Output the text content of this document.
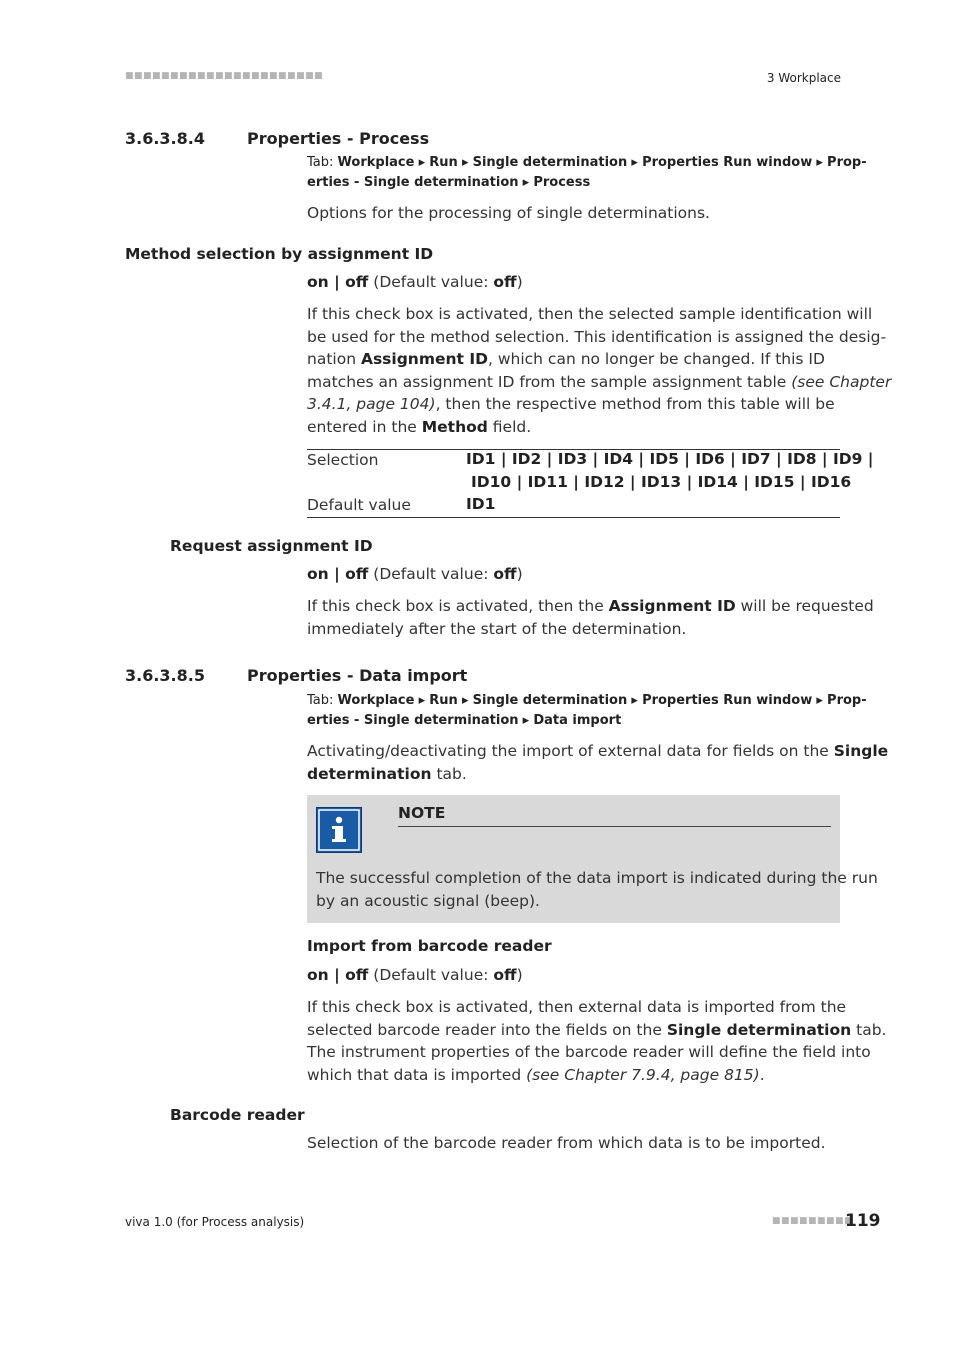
■■■■■■■■■■■■■■■■■■■■■■	3 Workplace
3.6.3.8.4	Properties - Process
Tab: Workplace ▸ Run ▸ Single determination ▸ Properties Run window ▸ Prop-
erties - Single determination ▸ Process
Options for the processing of single determinations.
Method selection by assignment ID
on | off (Default value: off)
If this check box is activated, then the selected sample identification will
be used for the method selection. This identification is assigned the desig-
nation Assignment ID, which can no longer be changed. If this ID
matches an assignment ID from the sample assignment table (see Chapter
3.4.1, page 104), then the respective method from this table will be
entered in the Method field.
Selection	ID1 | ID2 | ID3 | ID4 | ID5 | ID6 | ID7 | ID8 | ID9 |
ID10 | ID11 | ID12 | ID13 | ID14 | ID15 | ID16
Default value	ID1
Request assignment ID
on | off (Default value: off)
If this check box is activated, then the Assignment ID will be requested
immediately after the start of the determination.
3.6.3.8.5	Properties - Data import
Tab: Workplace ▸ Run ▸ Single determination ▸ Properties Run window ▸ Prop-
erties - Single determination ▸ Data import
Activating/deactivating the import of external data for fields on the Single
determination tab.
NOTE
The successful completion of the data import is indicated during the run
by an acoustic signal (beep).
Import from barcode reader
on | off (Default value: off)
If this check box is activated, then external data is imported from the
selected barcode reader into the fields on the Single determination tab.
The instrument properties of the barcode reader will define the field into
which that data is imported (see Chapter 7.9.4, page 815).
Barcode reader
Selection of the barcode reader from which data is to be imported.
viva 1.0 (for Process analysis)	■■■■■■■■■
119
